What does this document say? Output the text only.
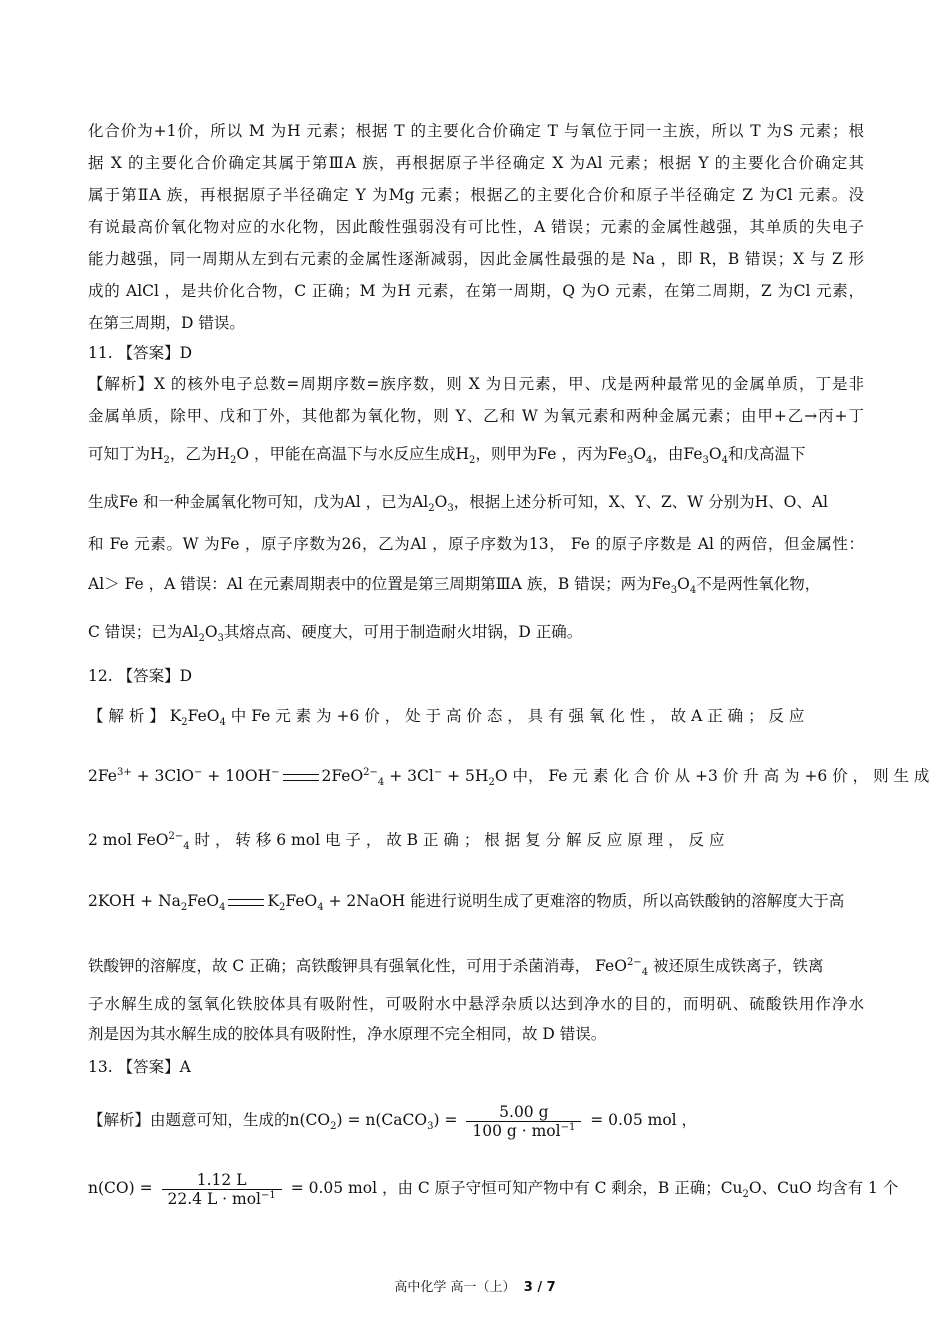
化合价为+1价，所以 M 为H 元素；根据 T 的主要化合价确定 T 与氧位于同一主族，所以 T 为S 元素；根
据 X 的主要化合价确定其属于第ⅢA 族，再根据原子半径确定 X 为Al 元素；根据 Y 的主要化合价确定其
属于第ⅡA 族，再根据原子半径确定 Y 为Mg 元素；根据乙的主要化合价和原子半径确定 Z 为Cl 元素。没
有说最高价氧化物对应的水化物，因此酸性强弱没有可比性，A 错误；元素的金属性越强，其单质的失电子
能力越强，同一周期从左到右元素的金属性逐渐减弱，因此金属性最强的是 Na ，即 R，B 错误；X 与 Z 形
成的 AlCl ，是共价化合物，C 正确；M 为H 元素，在第一周期，Q 为O 元素，在第二周期，Z 为Cl 元素，
在第三周期，D 错误。
11. 【答案】D
【解析】X 的核外电子总数=周期序数=族序数，则 X 为日元素，甲、戊是两种最常见的金属单质，丁是非
金属单质，除甲、戊和丁外，其他都为氧化物，则 Y、乙和 W 为氧元素和两种金属元素；由甲+乙→丙+丁
可知丁为$H_2$，乙为$H_2O$ ，甲能在高温下与水反应生成$H_2$，则甲为Fe ，丙为$Fe_3O_4$，由$Fe_3O_4$和戊高温下
生成Fe 和一种金属氧化物可知，戊为Al ，已为$Al_2O_3$，根据上述分析可知，X、Y、Z、W 分别为H、O、Al
和 Fe 元素。W 为Fe ，原子序数为26，乙为Al ，原子序数为13， Fe 的原子序数是 Al 的两倍，但金属性：
Al＞ Fe ，A 错误：Al 在元素周期表中的位置是第三周期第ⅢA 族，B 错误；两为$Fe_3O_4$不是两性氧化物，
C 错误；已为$Al_2O_3$其熔点高、硬度大，可用于制造耐火坩锅，D 正确。
12. 【答案】D
【 解 析 】 $K_2FeO_4$ 中 Fe 元 素 为 +6 价 ， 处 于 高 价 态 ， 具 有 强 氧 化 性 ， 故 A 正 确 ； 反 应
$2Fe^{3+} + 3ClO^- + 10OH^-$	$2FeO^{2-}_4 + 3Cl^- + 5H_2O$ 中， Fe 元 素 化 合 价 从 +3 价 升 高 为 +6 价 ， 则 生 成
2 mol FeO$^{2-}_4$ 时 ， 转 移 6 mol 电 子 ， 故 B 正 确 ； 根 据 复 分 解 反 应 原 理 ， 反 应
$2KOH + Na_2FeO_4$	$K_2FeO_4$ + 2NaOH 能进行说明生成了更难溶的物质，所以高铁酸钠的溶解度大于高
铁酸钾的溶解度，故 C 正确；高铁酸钾具有强氧化性，可用于杀菌消毒， FeO$^{2-}_4$ 被还原生成铁离子，铁离
子水解生成的氢氧化铁胶体具有吸附性，可吸附水中悬浮杂质以达到净水的目的，而明矾、硫酸铁用作净水
剂是因为其水解生成的胶体具有吸附性，净水原理不完全相同，故 D 错误。
13. 【答案】A
【解析】由题意可知，生成的$n(CO_2)$ = n(CaCO$_3$) = $\frac{5.00 g}{100 g \cdot mol^{-1}} = 0.05$ mol ，
$n(CO) = \frac{1.12 L}{22.4 L \cdot mol^{-1}} = 0.05$ mol ，由 C 原子守恒可知产物中有 C 剩余，B 正确；$Cu_2O$、CuO 均含有 1 个
高中化学 高一（上） 3 / 7
